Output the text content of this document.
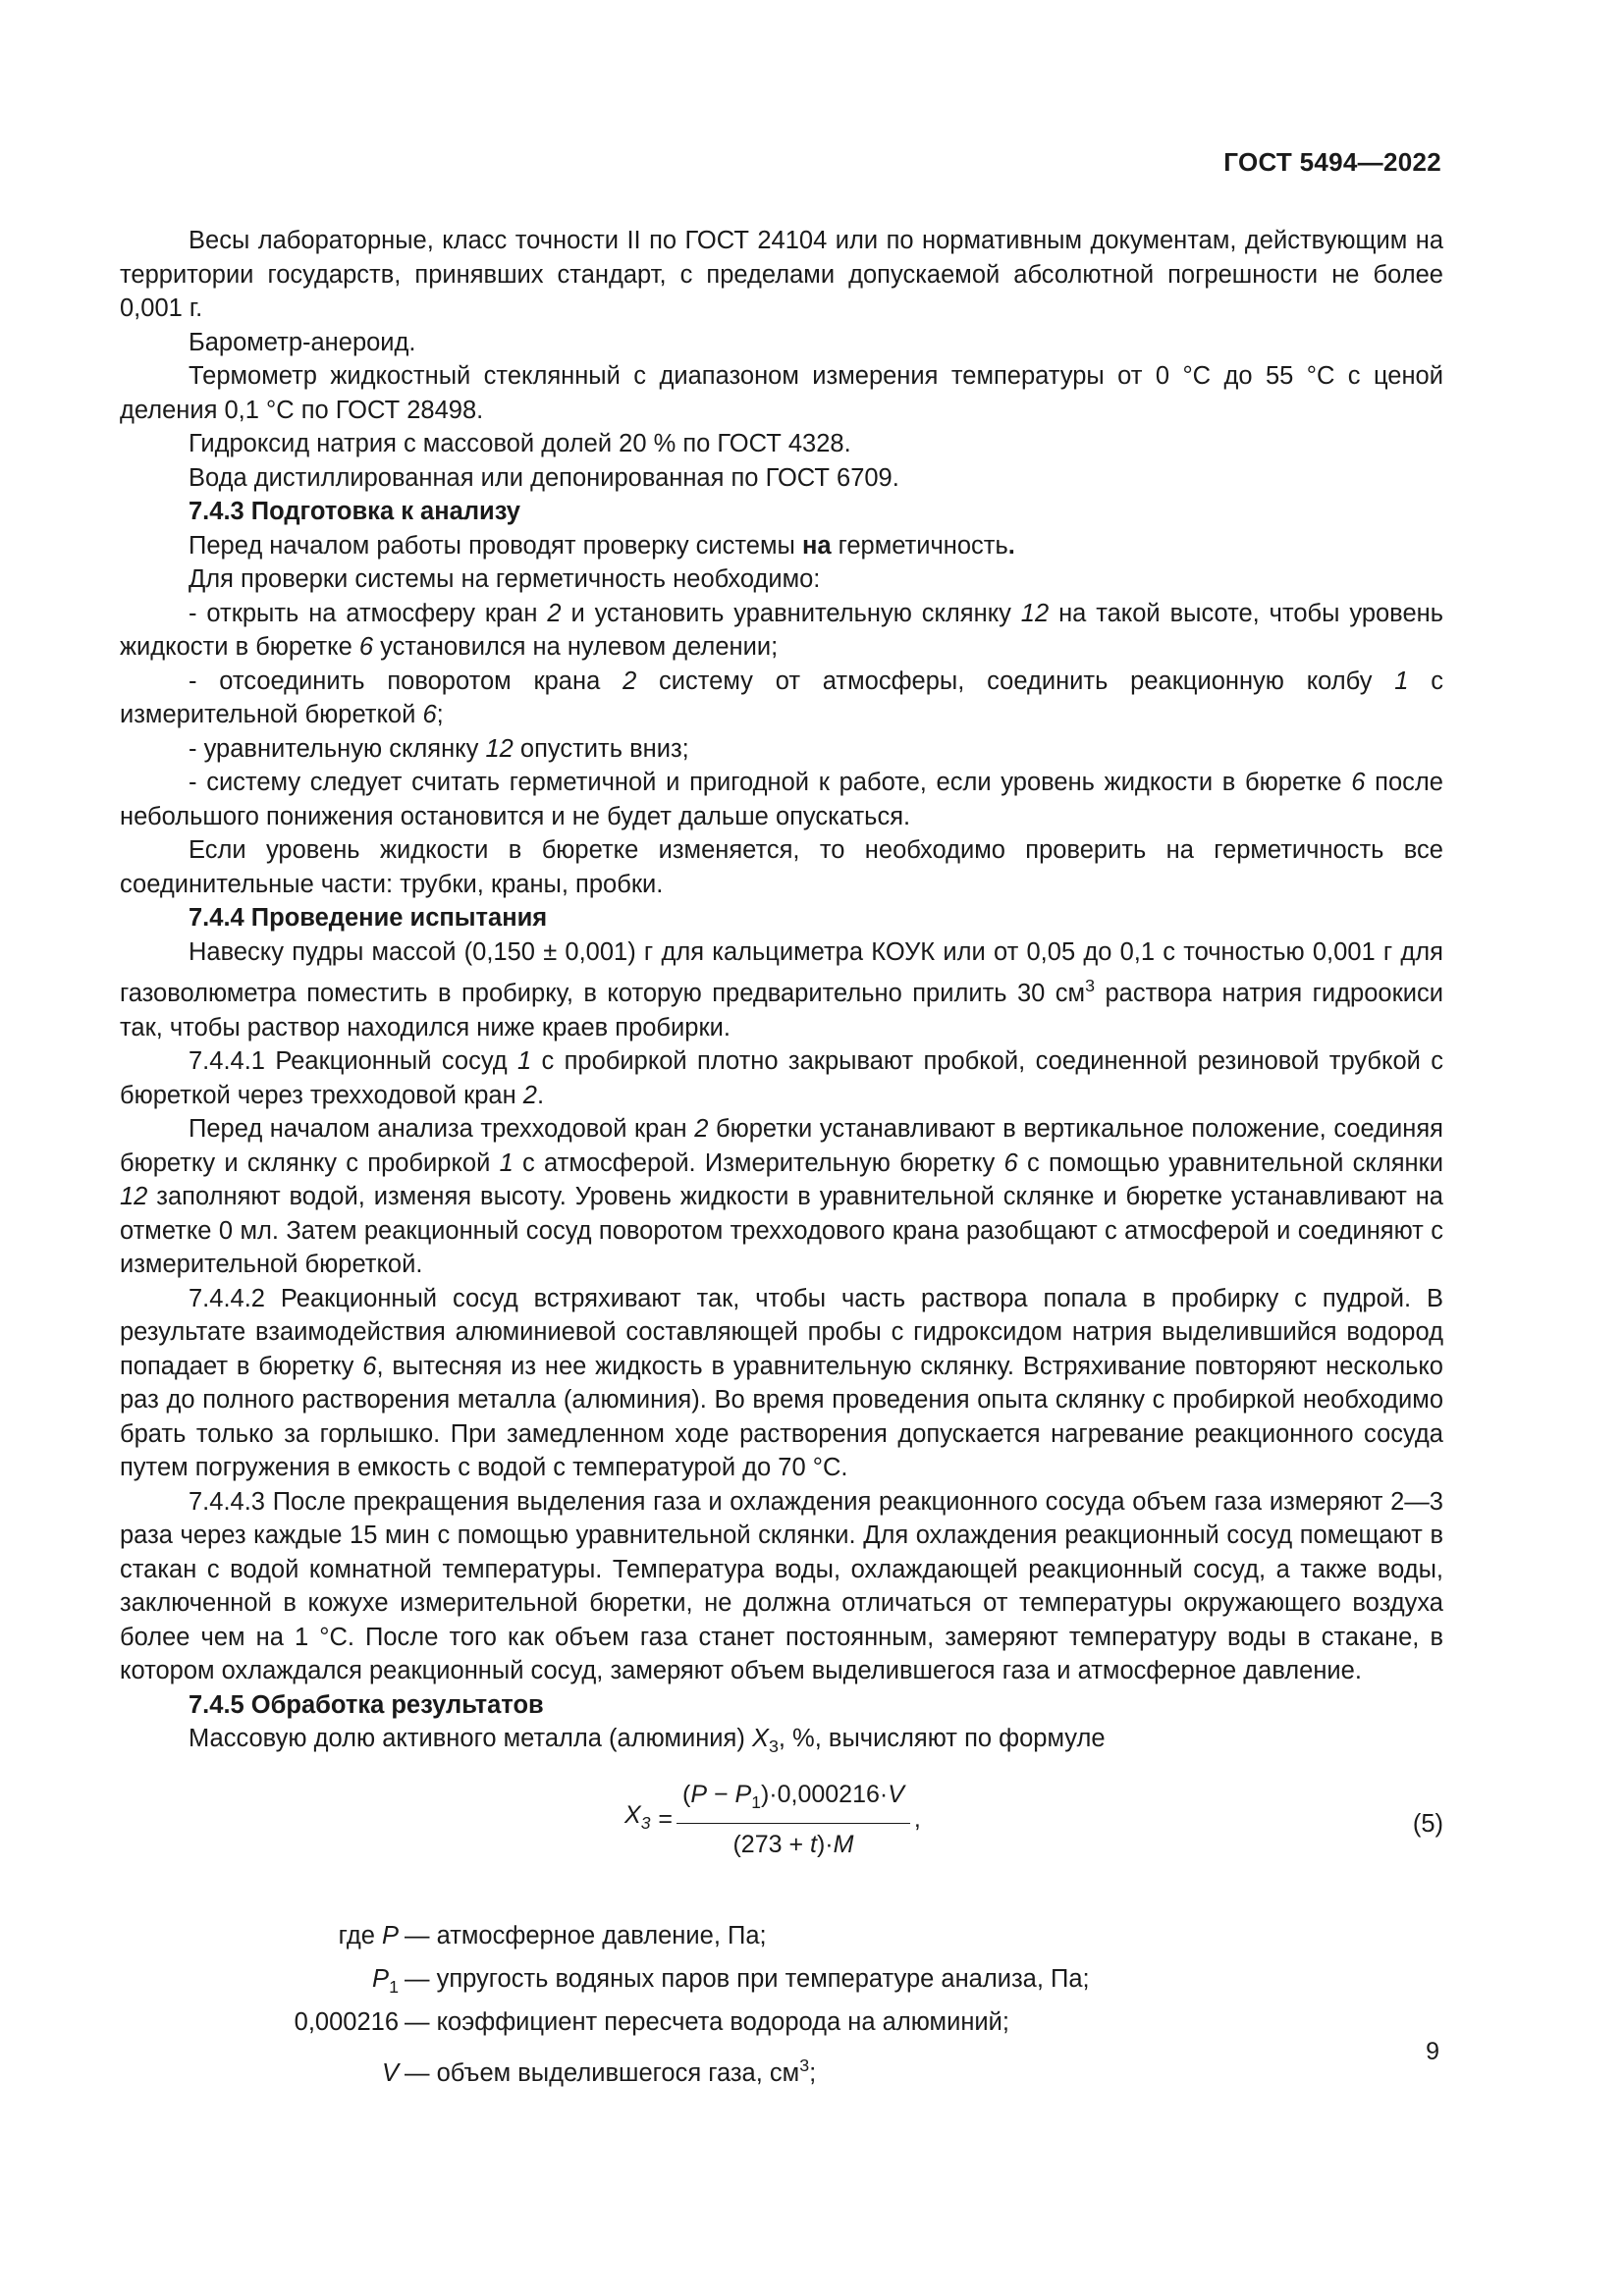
ГОСТ 5494—2022

Весы лабораторные, класс точности II по ГОСТ 24104 или по нормативным документам, действующим на территории государств, принявших стандарт, с пределами допускаемой абсолютной погрешности не более 0,001 г.

Барометр-анероид.

Термометр жидкостный стеклянный с диапазоном измерения температуры от 0 °С до 55 °С с ценой деления 0,1 °С по ГОСТ 28498.

Гидроксид натрия с массовой долей 20 % по ГОСТ 4328.

Вода дистиллированная или депонированная по ГОСТ 6709.

7.4.3 Подготовка к анализу

Перед началом работы проводят проверку системы на герметичность.

Для проверки системы на герметичность необходимо:

- открыть на атмосферу кран 2 и установить уравнительную склянку 12 на такой высоте, чтобы уровень жидкости в бюретке 6 установился на нулевом делении;

- отсоединить поворотом крана 2 систему от атмосферы, соединить реакционную колбу 1 с измерительной бюреткой 6;

- уравнительную склянку 12 опустить вниз;

- систему следует считать герметичной и пригодной к работе, если уровень жидкости в бюретке 6 после небольшого понижения остановится и не будет дальше опускаться.

Если уровень жидкости в бюретке изменяется, то необходимо проверить на герметичность все соединительные части: трубки, краны, пробки.

7.4.4 Проведение испытания

Навеску пудры массой (0,150 ± 0,001) г для кальциметра КОУК или от 0,05 до 0,1 с точностью 0,001 г для газоволюметра поместить в пробирку, в которую предварительно прилить 30 $см^3$ раствора натрия гидроокиси так, чтобы раствор находился ниже краев пробирки.

7.4.4.1 Реакционный сосуд 1 с пробиркой плотно закрывают пробкой, соединенной резиновой трубкой с бюреткой через трехходовой кран 2.

Перед началом анализа трехходовой кран 2 бюретки устанавливают в вертикальное положение, соединяя бюретку и склянку с пробиркой 1 с атмосферой. Измерительную бюретку 6 с помощью уравнительной склянки 12 заполняют водой, изменяя высоту. Уровень жидкости в уравнительной склянке и бюретке устанавливают на отметке 0 мл. Затем реакционный сосуд поворотом трехходового крана разобщают с атмосферой и соединяют с измерительной бюреткой.

7.4.4.2 Реакционный сосуд встряхивают так, чтобы часть раствора попала в пробирку с пудрой. В результате взаимодействия алюминиевой составляющей пробы с гидроксидом натрия выделившийся водород попадает в бюретку 6, вытесняя из нее жидкость в уравнительную склянку. Встряхивание повторяют несколько раз до полного растворения металла (алюминия). Во время проведения опыта склянку с пробиркой необходимо брать только за горлышко. При замедленном ходе растворения допускается нагревание реакционного сосуда путем погружения в емкость с водой с температурой до 70 °С.

7.4.4.3 После прекращения выделения газа и охлаждения реакционного сосуда объем газа измеряют 2—3 раза через каждые 15 мин с помощью уравнительной склянки. Для охлаждения реакционный сосуд помещают в стакан с водой комнатной температуры. Температура воды, охлаждающей реакционный сосуд, а также воды, заключенной в кожухе измерительной бюретки, не должна отличаться от температуры окружающего воздуха более чем на 1 °С. После того как объем газа станет постоянным, замеряют температуру воды в стакане, в котором охлаждался реакционный сосуд, замеряют объем выделившегося газа и атмосферное давление.

7.4.5 Обработка результатов

Массовую долю активного металла (алюминия) $X_3$, %, вычисляют по формуле

$X_3 = \frac{(P - P_1)\cdot 0,000216\cdot V}{(273 + t)\cdot M}$ ,	(5)
где P — атмосферное давление, Па;
$P_1$ — упругость водяных паров при температуре анализа, Па;
0,000216 — коэффициент пересчета водорода на алюминий;
V — объем выделившегося газа, $см^3$;
9
